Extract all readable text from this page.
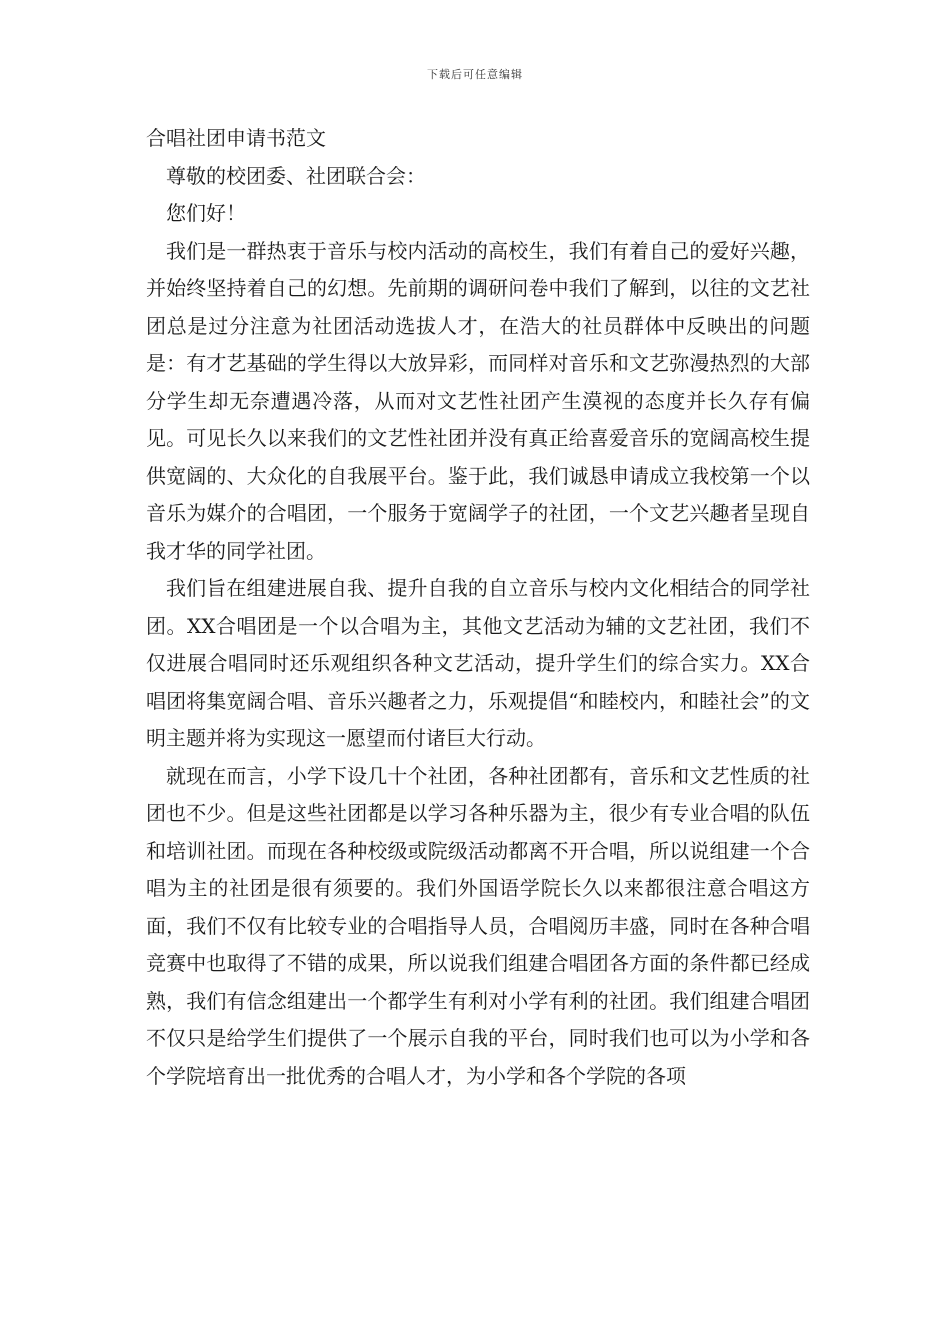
下载后可任意编辑

合唱社团申请书范文

尊敬的校团委、社团联合会：

您们好！

我们是一群热衷于音乐与校内活动的高校生，我们有着自己的爱好兴趣，并始终坚持着自己的幻想。先前期的调研问卷中我们了解到，以往的文艺社团总是过分注意为社团活动选拔人才，在浩大的社员群体中反映出的问题是：有才艺基础的学生得以大放异彩，而同样对音乐和文艺弥漫热烈的大部分学生却无奈遭遇冷落，从而对文艺性社团产生漠视的态度并长久存有偏见。可见长久以来我们的文艺性社团并没有真正给喜爱音乐的宽阔高校生提供宽阔的、大众化的自我展平台。鉴于此，我们诚恳申请成立我校第一个以音乐为媒介的合唱团，一个服务于宽阔学子的社团，一个文艺兴趣者呈现自我才华的同学社团。

我们旨在组建进展自我、提升自我的自立音乐与校内文化相结合的同学社团。XX合唱团是一个以合唱为主，其他文艺活动为辅的文艺社团，我们不仅进展合唱同时还乐观组织各种文艺活动，提升学生们的综合实力。XX合唱团将集宽阔合唱、音乐兴趣者之力，乐观提倡“和睦校内，和睦社会”的文明主题并将为实现这一愿望而付诸巨大行动。

就现在而言，小学下设几十个社团，各种社团都有，音乐和文艺性质的社团也不少。但是这些社团都是以学习各种乐器为主，很少有专业合唱的队伍和培训社团。而现在各种校级或院级活动都离不开合唱，所以说组建一个合唱为主的社团是很有须要的。我们外国语学院长久以来都很注意合唱这方面，我们不仅有比较专业的合唱指导人员，合唱阅历丰盛，同时在各种合唱竞赛中也取得了不错的成果，所以说我们组建合唱团各方面的条件都已经成熟，我们有信念组建出一个都学生有利对小学有利的社团。我们组建合唱团不仅只是给学生们提供了一个展示自我的平台，同时我们也可以为小学和各个学院培育出一批优秀的合唱人才，为小学和各个学院的各项
